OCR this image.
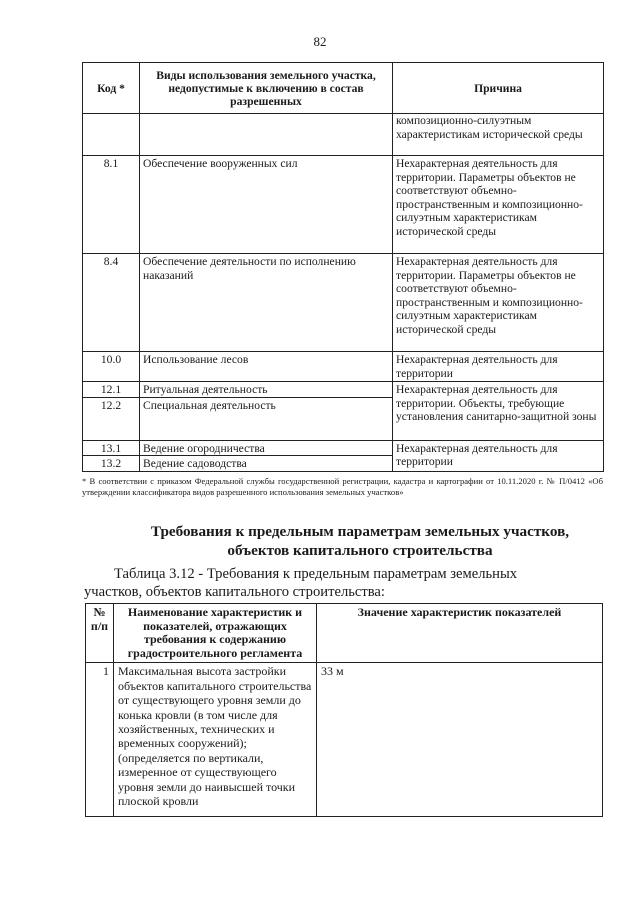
82
Код *	Виды использования земельного участка, недопустимые к включению в состав разрешенных	Причина
		композиционно-силуэтным характеристикам исторической среды
8.1	Обеспечение вооруженных сил	Нехарактерная деятельность для территории. Параметры объектов не соответствуют объемно-пространственным и композиционно-силуэтным характеристикам исторической среды
8.4	Обеспечение деятельности по исполнению наказаний	Нехарактерная деятельность для территории. Параметры объектов не соответствуют объемно-пространственным и композиционно-силуэтным характеристикам исторической среды
10.0	Использование лесов	Нехарактерная деятельность для территории
12.1	Ритуальная деятельность	Нехарактерная деятельность для территории. Объекты, требующие установления санитарно-защитной зоны
12.2	Специальная деятельность	
13.1	Ведение огородничества	Нехарактерная деятельность для территории
13.2	Ведение садоводства	
* В соответствии с приказом Федеральной службы государственной регистрации, кадастра и картографии от 10.11.2020 г. № П/0412 «Об утверждении классификатора видов разрешенного использования земельных участков»
Требования к предельным параметрам земельных участков,
объектов капитального строительства
Таблица 3.12 - Требования к предельным параметрам земельных
участков, объектов капитального строительства:
№ п/п	Наименование характеристик и показателей, отражающих требования к содержанию градостроительного регламента	Значение характеристик показателей
1	Максимальная высота застройки объектов капитального строительства от существующего уровня земли до конька кровли (в том числе для хозяйственных, технических и временных сооружений); (определяется по вертикали, измеренное от существующего уровня земли до наивысшей точки плоской кровли	33 м
